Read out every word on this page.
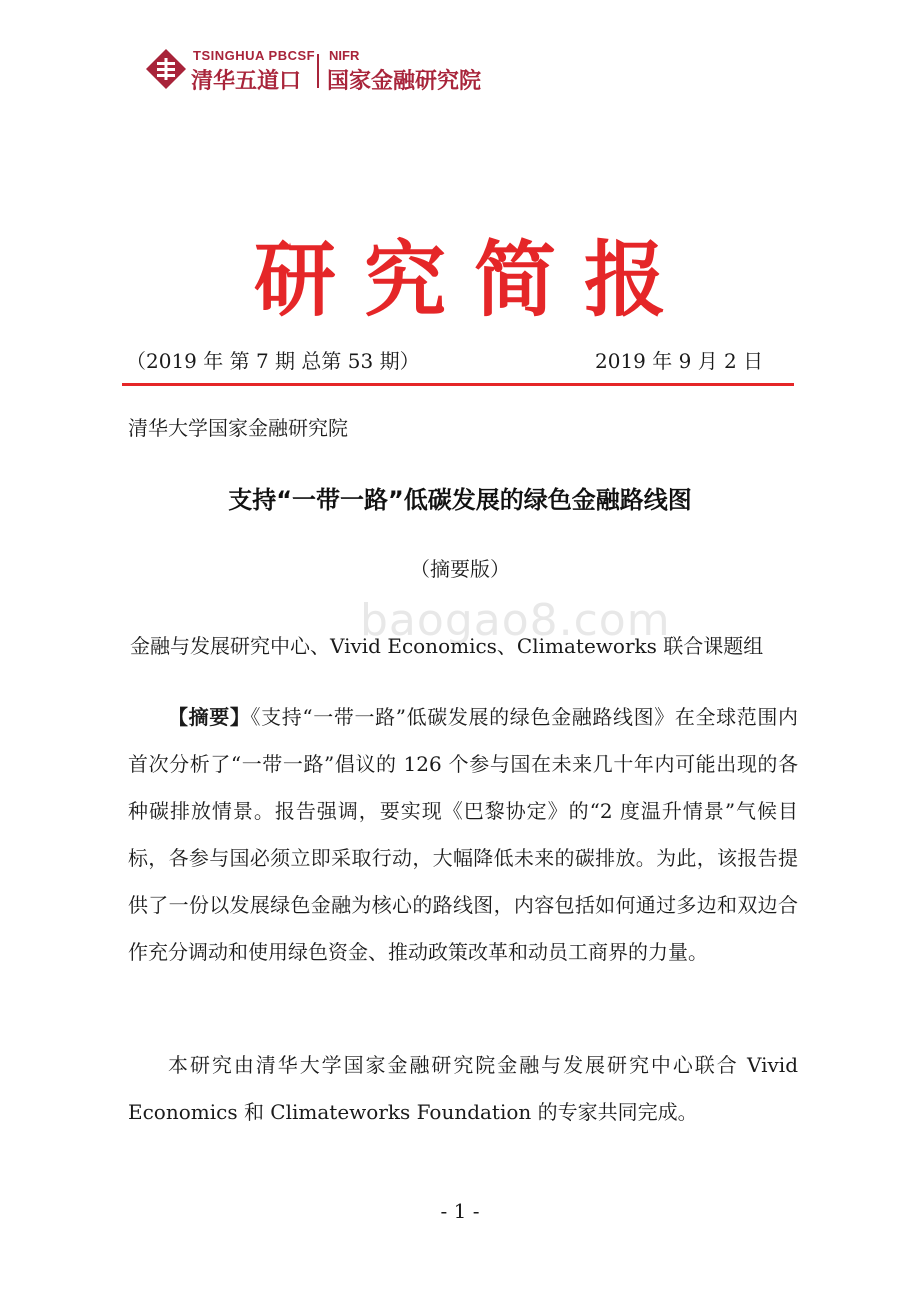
TSINGHUA PBCSF
清华五道口
NIFR
国家金融研究院
研究简报
（2019 年 第 7 期 总第 53 期）	2019 年 9 月 2 日
清华大学国家金融研究院
支持“一带一路”低碳发展的绿色金融路线图
（摘要版）
baogao8.com
金融与发展研究中心、Vivid Economics、Climateworks 联合课题组

【摘要】《支持“一带一路”低碳发展的绿色金融路线图》在全球范围内首次分析了“一带一路”倡议的 126 个参与国在未来几十年内可能出现的各种碳排放情景。报告强调，要实现《巴黎协定》的“2 度温升情景”气候目标，各参与国必须立即采取行动，大幅降低未来的碳排放。为此，该报告提供了一份以发展绿色金融为核心的路线图，内容包括如何通过多边和双边合作充分调动和使用绿色资金、推动政策改革和动员工商界的力量。

本研究由清华大学国家金融研究院金融与发展研究中心联合 Vivid Economics 和 Climateworks Foundation 的专家共同完成。

- 1 -
